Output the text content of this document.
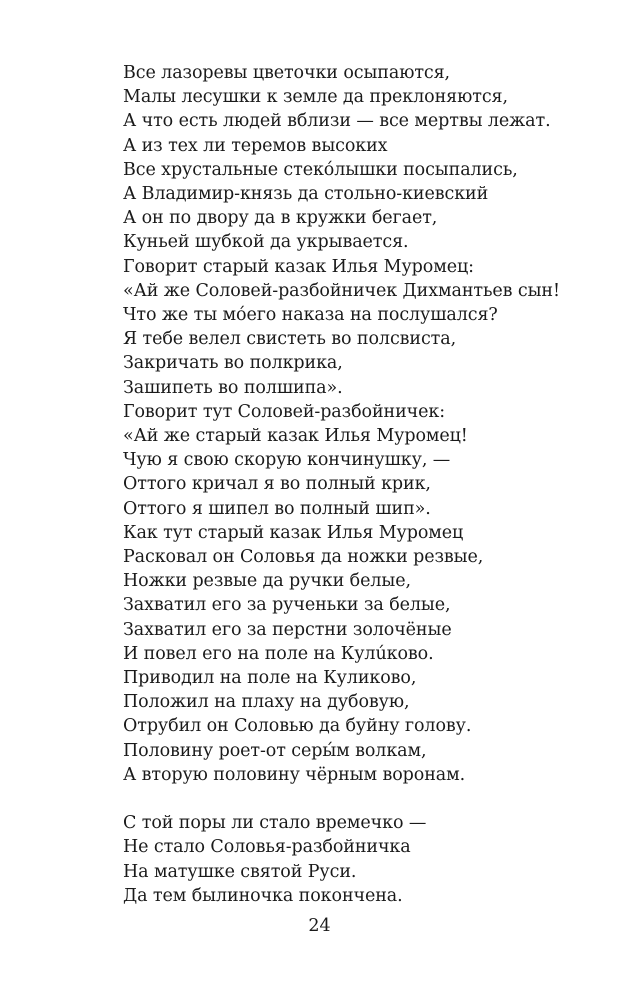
Все лазоревы цветочки осыпаются,
Малы лесушки к земле да преклоняются,
А что есть людей вблизи — все мертвы лежат.
А из тех ли теремов высоких
Все хрустальные стекóлышки посыпались,
А Владимир-князь да стольно-киевский
А он по двору да в кружки бегает,
Куньей шубкой да укрывается.
Говорит старый казак Илья Муромец:
«Ай же Соловей-разбойничек Дихмантьев сын!
Что же ты мóего наказа на послушался?
Я тебе велел свистеть во полсвиста,
Закричать во полкрика,
Зашипеть во полшипа».
Говорит тут Соловей-разбойничек:
«Ай же старый казак Илья Муромец!
Чую я свою скорую кончинушку, —
Оттого кричал я во полный крик,
Оттого я шипел во полный шип».
Как тут старый казак Илья Муромец
Расковал он Соловья да ножки резвые,
Ножки резвые да ручки белые,
Захватил его за рученьки за белые,
Захватил его за перстни золочёные
И повел его на поле на Кулúково.
Приводил на поле на Куликово,
Положил на плаху на дубовую,
Отрубил он Соловью да буйну голову.
Половину роет-от серы́м волкам,
А вторую половину чёрным воронам.
С той поры ли стало времечко —
Не стало Соловья-разбойничка
На матушке святой Руси.
Да тем былиночка покончена.
24
